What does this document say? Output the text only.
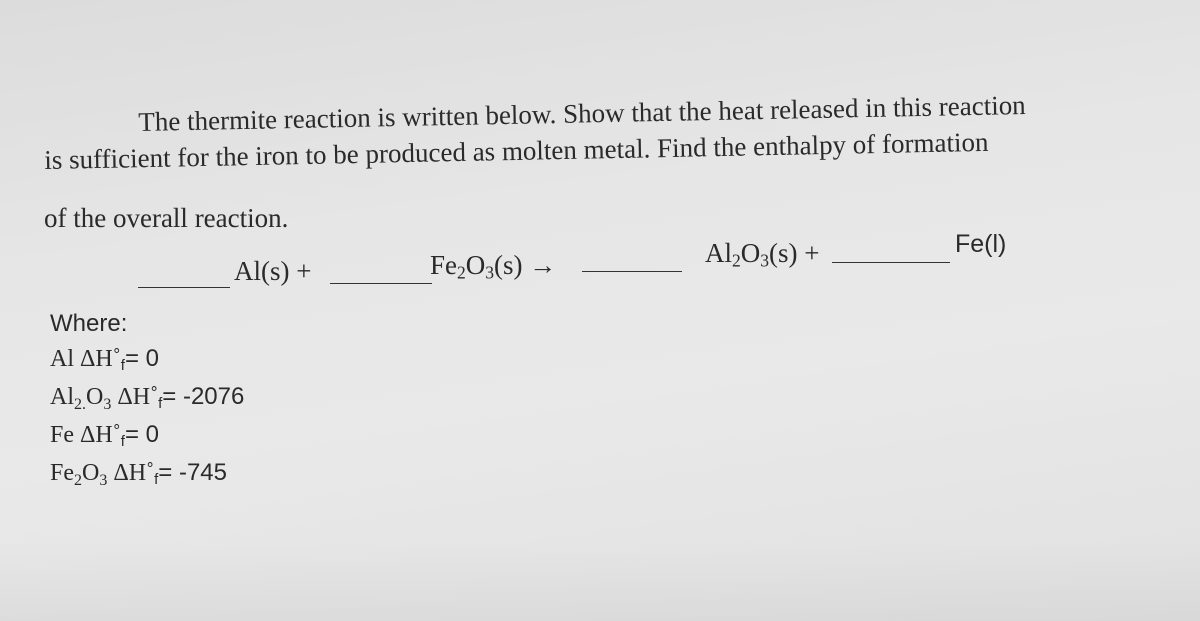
The thermite reaction is written below. Show that the heat released in this reaction
is sufficient for the iron to be produced as molten metal. Find the enthalpy of formation
of the overall reaction.
Al(s) +	$Fe_2O_3(s)$ →	$Al_2O_3(s)$ +	Fe(l)
Where:
Al ΔH˚f= 0
$Al_{2.}O_3$ ΔH˚f= -2076
Fe ΔH˚f= 0
$Fe_2O_3$ ΔH˚f= -745
